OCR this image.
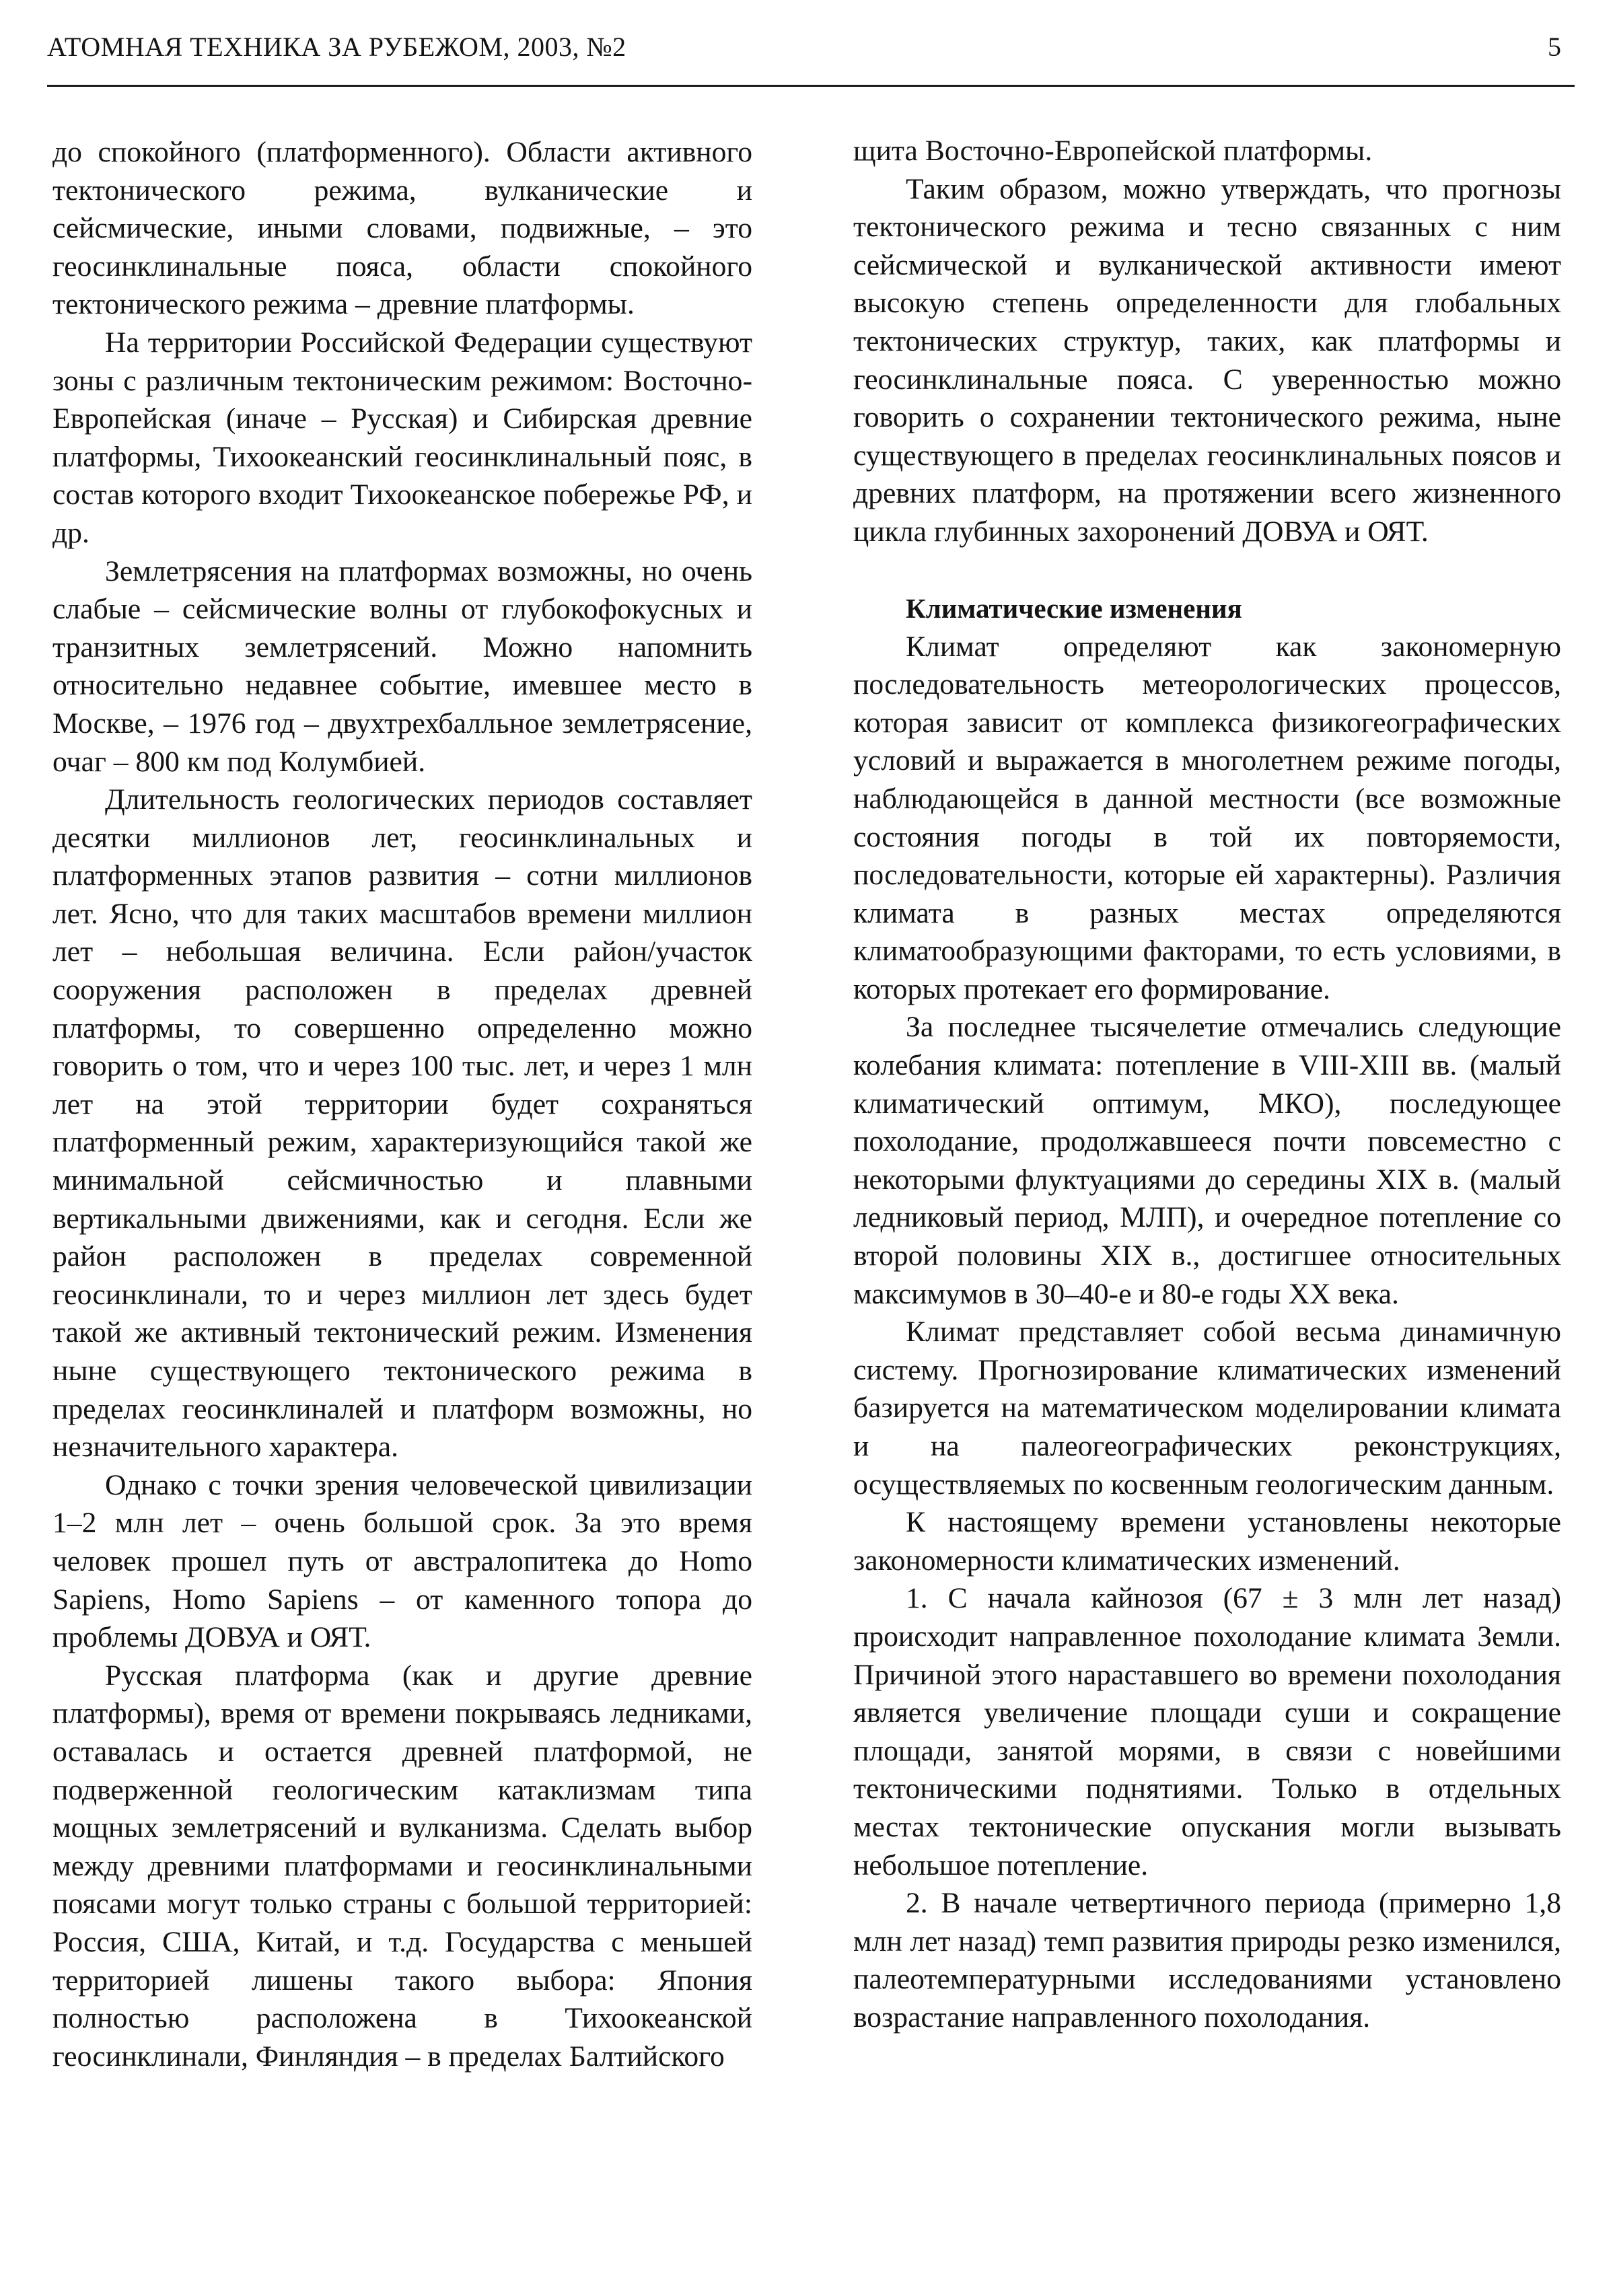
АТОМНАЯ ТЕХНИКА ЗА РУБЕЖОМ, 2003, №2	5

до спокойного (платформенного). Области активного тектонического режима, вулканические и сейсмические, иными словами, подвижные, – это геосинклинальные пояса, области спокойного тектонического режима – древние платформы.

На территории Российской Федерации существуют зоны с различным тектоническим режимом: Восточно-Европейская (иначе – Русская) и Сибирская древние платформы, Тихоокеанский геосинклинальный пояс, в состав которого входит Тихоокеанское побережье РФ, и др.

Землетрясения на платформах возможны, но очень слабые – сейсмические волны от глубокофокусных и транзитных землетрясений. Можно напомнить относительно недавнее событие, имевшее место в Москве, – 1976 год – двухтрехбалльное землетрясение, очаг – 800 км под Колумбией.

Длительность геологических периодов составляет десятки миллионов лет, геосинклинальных и платформенных этапов развития – сотни миллионов лет. Ясно, что для таких масштабов времени миллион лет – небольшая величина. Если район/участок сооружения расположен в пределах древней платформы, то совершенно определенно можно говорить о том, что и через 100 тыс. лет, и через 1 млн лет на этой территории будет сохраняться платформенный режим, характеризующийся такой же минимальной сейсмичностью и плавными вертикальными движениями, как и сегодня. Если же район расположен в пределах современной геосинклинали, то и через миллион лет здесь будет такой же активный тектонический режим. Изменения ныне существующего тектонического режима в пределах геосинклиналей и платформ возможны, но незначительного характера.

Однако с точки зрения человеческой цивилизации 1–2 млн лет – очень большой срок. За это время человек прошел путь от австралопитека до Homo Sapiens, Homo Sapiens – от каменного топора до проблемы ДОВУА и ОЯТ.

Русская платформа (как и другие древние платформы), время от времени покрываясь ледниками, оставалась и остается древней платформой, не подверженной геологическим катаклизмам типа мощных землетрясений и вулканизма. Сделать выбор между древними платформами и геосинклинальными поясами могут только страны с большой территорией: Россия, США, Китай, и т.д. Государства с меньшей территорией лишены такого выбора: Япония полностью расположена в Тихоокеанской геосинклинали, Финляндия – в пределах Балтийского

щита Восточно-Европейской платформы.

Таким образом, можно утверждать, что прогнозы тектонического режима и тесно связанных с ним сейсмической и вулканической активности имеют высокую степень определенности для глобальных тектонических структур, таких, как платформы и геосинклинальные пояса. С уверенностью можно говорить о сохранении тектонического режима, ныне существующего в пределах геосинклинальных поясов и древних платформ, на протяжении всего жизненного цикла глубинных захоронений ДОВУА и ОЯТ.

Климатические изменения

Климат определяют как закономерную последовательность метеорологических процессов, которая зависит от комплекса физикогеографических условий и выражается в многолетнем режиме погоды, наблюдающейся в данной местности (все возможные состояния погоды в той их повторяемости, последовательности, которые ей характерны). Различия климата в разных местах определяются климатообразующими факторами, то есть условиями, в которых протекает его формирование.

За последнее тысячелетие отмечались следующие колебания климата: потепление в VIII-XIII вв. (малый климатический оптимум, МКО), последующее похолодание, продолжавшееся почти повсеместно с некоторыми флуктуациями до середины XIX в. (малый ледниковый период, МЛП), и очередное потепление со второй половины XIX в., достигшее относительных максимумов в 30–40-е и 80-е годы XX века.

Климат представляет собой весьма динамичную систему. Прогнозирование климатических изменений базируется на математическом моделировании климата и на палеогеографических реконструкциях, осуществляемых по косвенным геологическим данным.

К настоящему времени установлены некоторые закономерности климатических изменений.

1. С начала кайнозоя (67 ± 3 млн лет назад) происходит направленное похолодание климата Земли. Причиной этого нараставшего во времени похолодания является увеличение площади суши и сокращение площади, занятой морями, в связи с новейшими тектоническими поднятиями. Только в отдельных местах тектонические опускания могли вызывать небольшое потепление.

2. В начале четвертичного периода (примерно 1,8 млн лет назад) темп развития природы резко изменился, палеотемпературными исследованиями установлено возрастание направленного похолодания.
